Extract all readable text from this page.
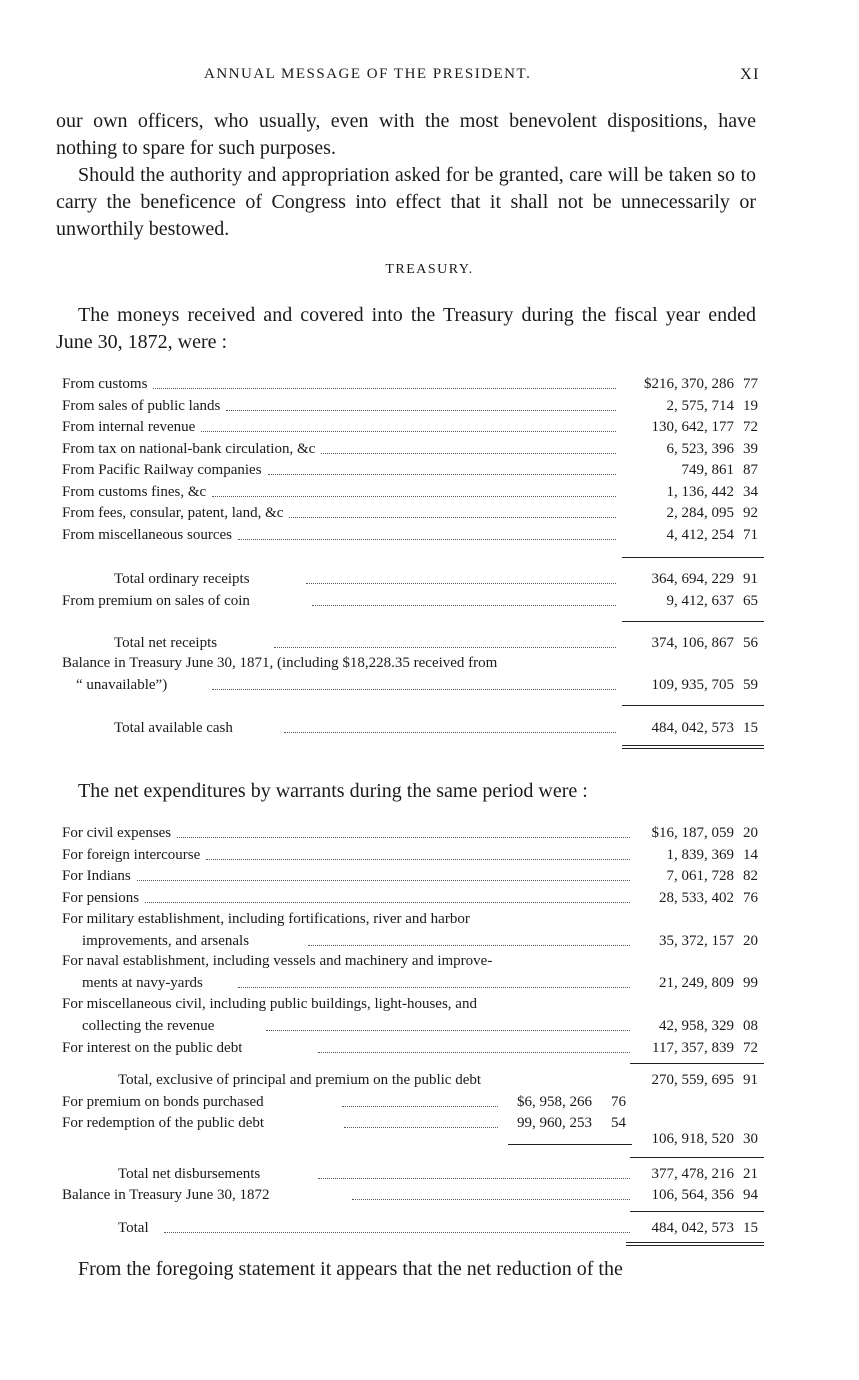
ANNUAL MESSAGE OF THE PRESIDENT.	XI

our own officers, who usually, even with the most benevolent dispositions, have nothing to spare for such purposes.

Should the authority and appropriation asked for be granted, care will be taken so to carry the beneficence of Congress into effect that it shall not be unnecessarily or unworthily bestowed.

TREASURY.

The moneys received and covered into the Treasury during the fiscal year ended June 30, 1872, were :

From customs	$216, 370, 286 77
From sales of public lands	2, 575, 714 19
From internal revenue	130, 642, 177 72
From tax on national-bank circulation, &c	6, 523, 396 39
From Pacific Railway companies	749, 861 87
From customs fines, &c	1, 136, 442 34
From fees, consular, patent, land, &c	2, 284, 095 92
From miscellaneous sources	4, 412, 254 71
Total ordinary receipts	364, 694, 229 91
From premium on sales of coin	9, 412, 637 65
Total net receipts	374, 106, 867 56
Balance in Treasury June 30, 1871, (including $18,228.35 received from
“ unavailable”)	109, 935, 705 59
Total available cash	484, 042, 573 15

The net expenditures by warrants during the same period were :

For civil expenses	$16, 187, 059 20
For foreign intercourse	1, 839, 369 14
For Indians	7, 061, 728 82
For pensions	28, 533, 402 76
For military establishment, including fortifications, river and harbor
improvements, and arsenals	35, 372, 157 20
For naval establishment, including vessels and machinery and improve-
ments at navy-yards	21, 249, 809 99
For miscellaneous civil, including public buildings, light-houses, and
collecting the revenue	42, 958, 329 08
For interest on the public debt	117, 357, 839 72
Total, exclusive of principal and premium on the public debt	270, 559, 695 91
For premium on bonds purchased	$6, 958, 266	76
For redemption of the public debt	99, 960, 253	54
106, 918, 520 30
Total net disbursements	377, 478, 216 21
Balance in Treasury June 30, 1872	106, 564, 356 94
Total	484, 042, 573 15

From the foregoing statement it appears that the net reduction of the
